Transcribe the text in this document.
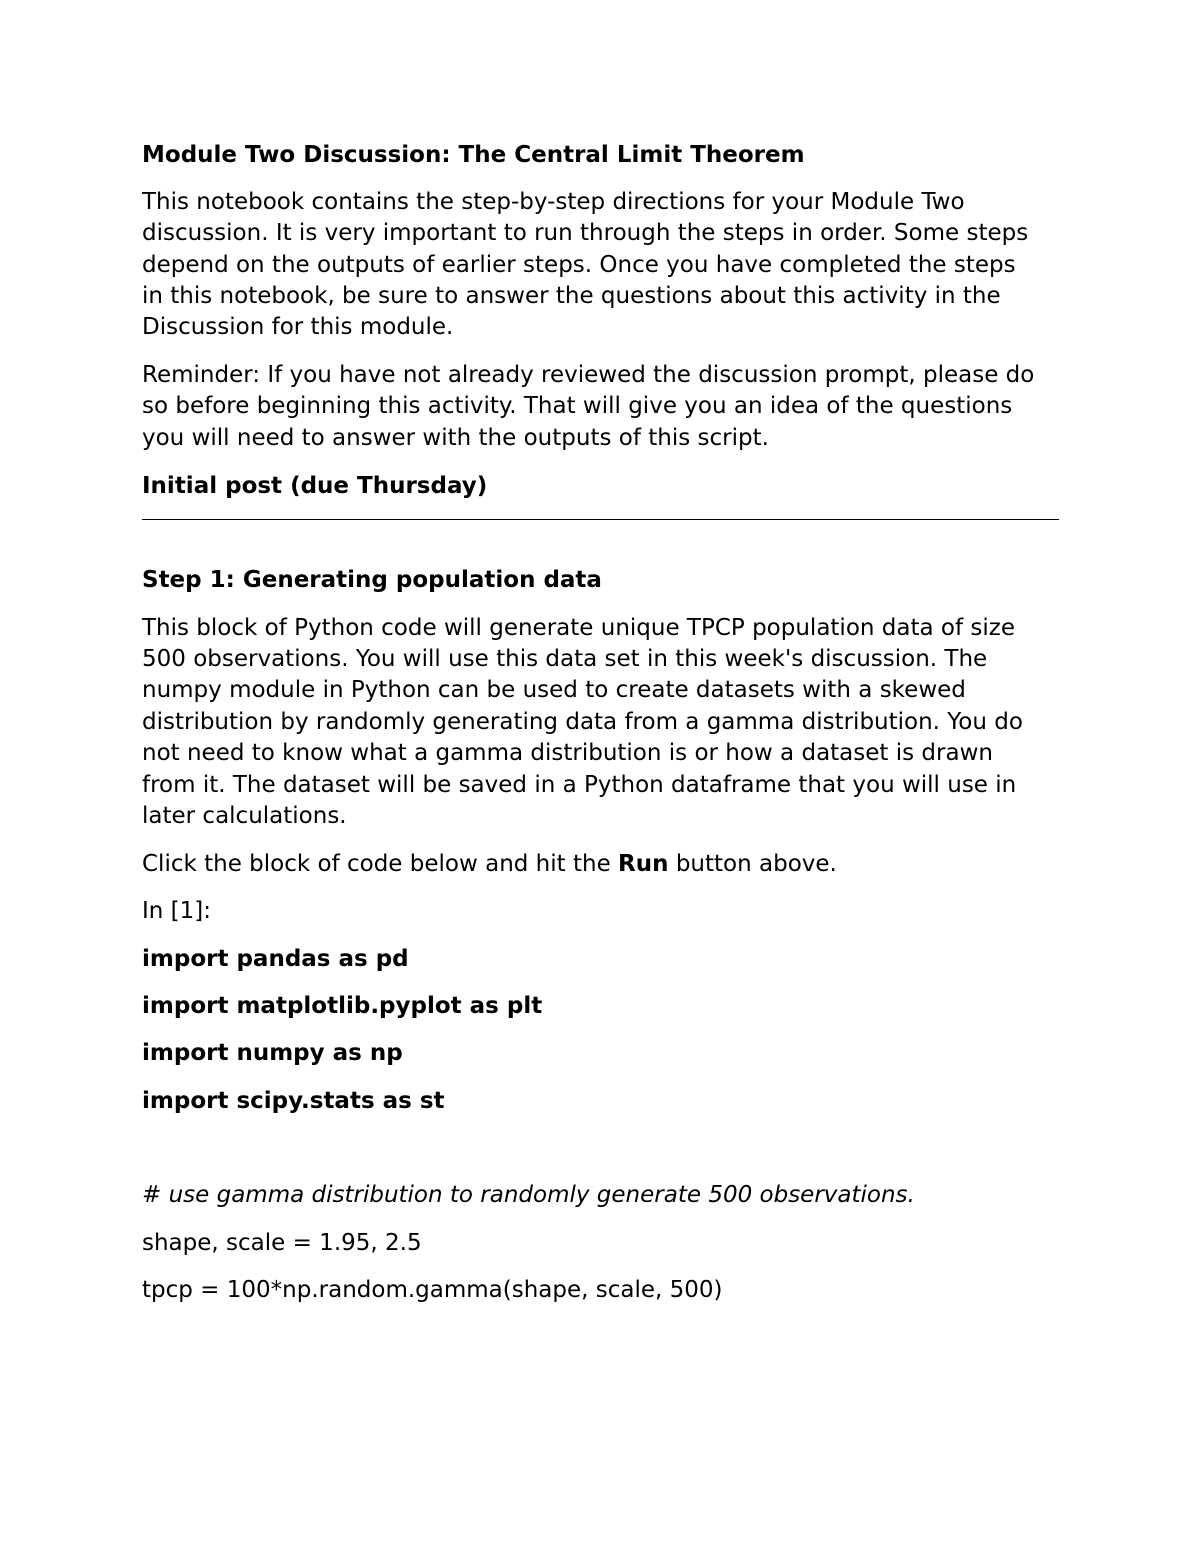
Module Two Discussion: The Central Limit Theorem
This notebook contains the step-by-step directions for your Module Two
discussion. It is very important to run through the steps in order. Some steps
depend on the outputs of earlier steps. Once you have completed the steps
in this notebook, be sure to answer the questions about this activity in the
Discussion for this module.
Reminder: If you have not already reviewed the discussion prompt, please do
so before beginning this activity. That will give you an idea of the questions
you will need to answer with the outputs of this script.
Initial post (due Thursday)
Step 1: Generating population data
This block of Python code will generate unique TPCP population data of size
500 observations. You will use this data set in this week's discussion. The
numpy module in Python can be used to create datasets with a skewed
distribution by randomly generating data from a gamma distribution. You do
not need to know what a gamma distribution is or how a dataset is drawn
from it. The dataset will be saved in a Python dataframe that you will use in
later calculations.
Click the block of code below and hit the Run button above.
In [1]:
import pandas as pd
import matplotlib.pyplot as plt
import numpy as np
import scipy.stats as st
# use gamma distribution to randomly generate 500 observations.
shape, scale = 1.95, 2.5
tpcp = 100*np.random.gamma(shape, scale, 500)
